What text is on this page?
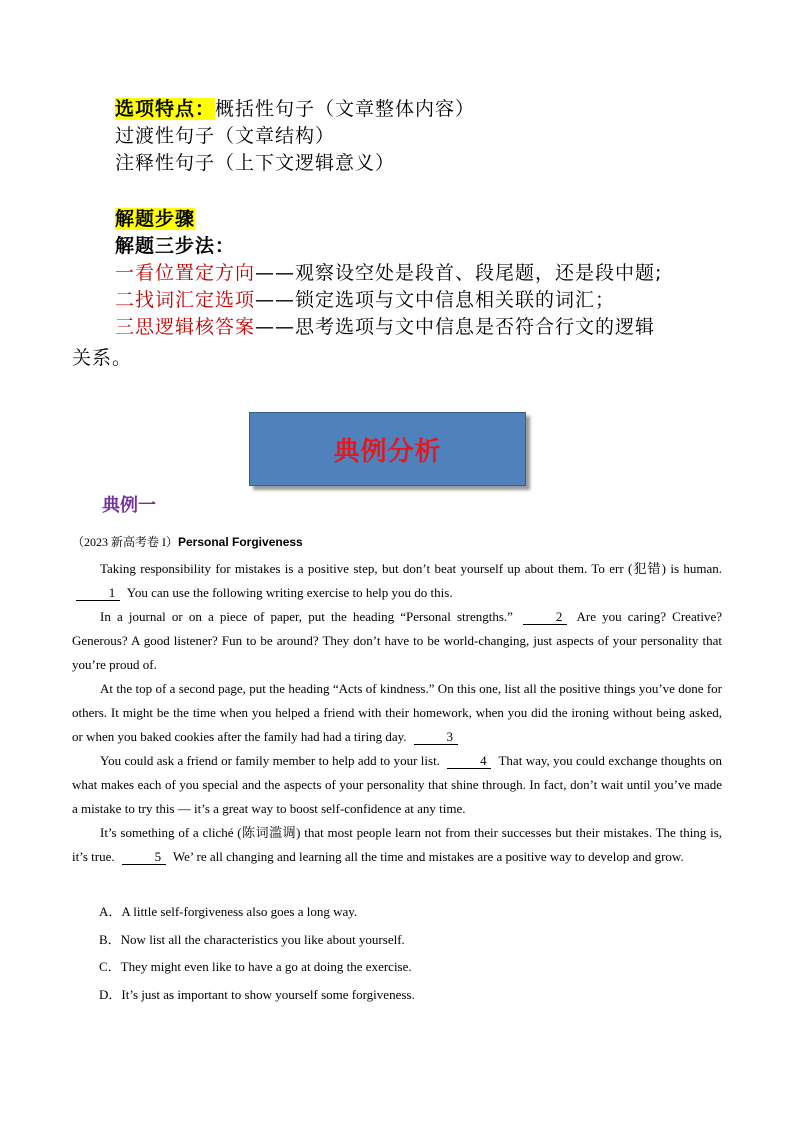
选项特点：概括性句子（文章整体内容）
过渡性句子（文章结构）
注释性句子（上下文逻辑意义）
解题步骤
解题三步法：
一看位置定方向——观察设空处是段首、段尾题，还是段中题;
二找词汇定选项——锁定选项与文中信息相关联的词汇；
三思逻辑核答案——思考选项与文中信息是否符合行文的逻辑
关系。
典例分析
典例一
（2023 新高考卷 I）Personal Forgiveness

Taking responsibility for mistakes is a positive step, but don’t beat yourself up about them. To err (犯错) is human. 1 You can use the following writing exercise to help you do this.

In a journal or on a piece of paper, put the heading “Personal strengths.”	2 Are you caring? Creative? Generous? A good listener? Fun to be around? They don’t have to be world-changing, just aspects of your personality that you’re proud of.

At the top of a second page, put the heading “Acts of kindness.” On this one, list all the positive things you’ve done for others. It might be the time when you helped a friend with their homework, when you did the ironing without being asked, or when you baked cookies after the family had had a tiring day.	3

You could ask a friend or family member to help add to your list.	4 That way, you could exchange thoughts on what makes each of you special and the aspects of your personality that shine through. In fact, don’t wait until you’ve made a mistake to try this — it’s a great way to boost self-confidence at any time.

It’s something of a cliché (陈词滥调) that most people learn not from their successes but their mistakes. The thing is, it’s true.	5 We’ re all changing and learning all the time and mistakes are a positive way to develop and grow.

A．A little self-forgiveness also goes a long way.
B．Now list all the characteristics you like about yourself.
C．They might even like to have a go at doing the exercise.
D．It’s just as important to show yourself some forgiveness.
